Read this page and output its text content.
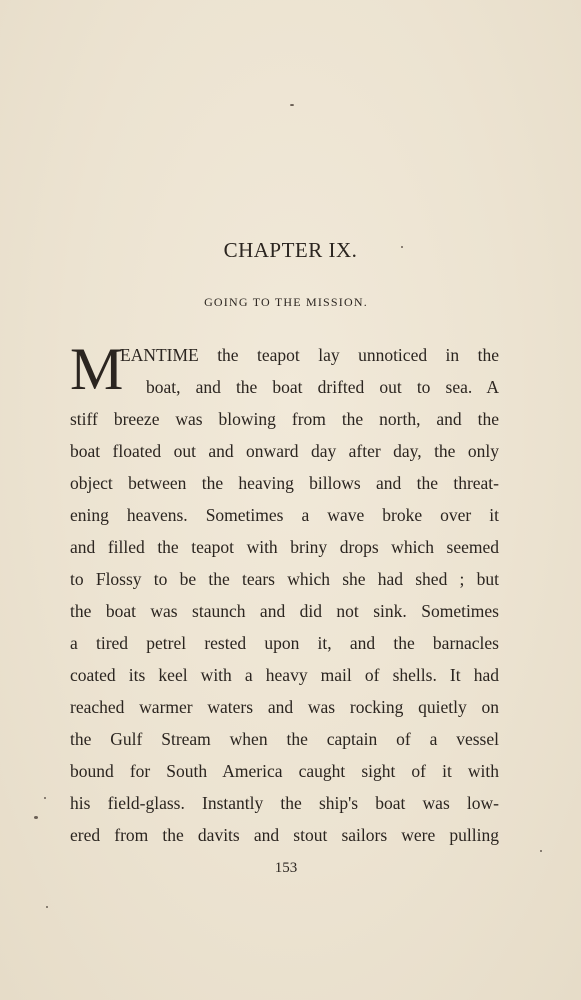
CHAPTER IX.
GOING TO THE MISSION.
M
EANTIME the teapot lay unnoticed in the
boat, and the boat drifted out to sea. A
stiff breeze was blowing from the north, and the
boat floated out and onward day after day, the only
object between the heaving billows and the threat-
ening heavens. Sometimes a wave broke over it
and filled the teapot with briny drops which seemed
to Flossy to be the tears which she had shed ; but
the boat was staunch and did not sink. Sometimes
a tired petrel rested upon it, and the barnacles
coated its keel with a heavy mail of shells. It had
reached warmer waters and was rocking quietly on
the Gulf Stream when the captain of a vessel
bound for South America caught sight of it with
his field-glass. Instantly the ship's boat was low-
ered from the davits and stout sailors were pulling
153
